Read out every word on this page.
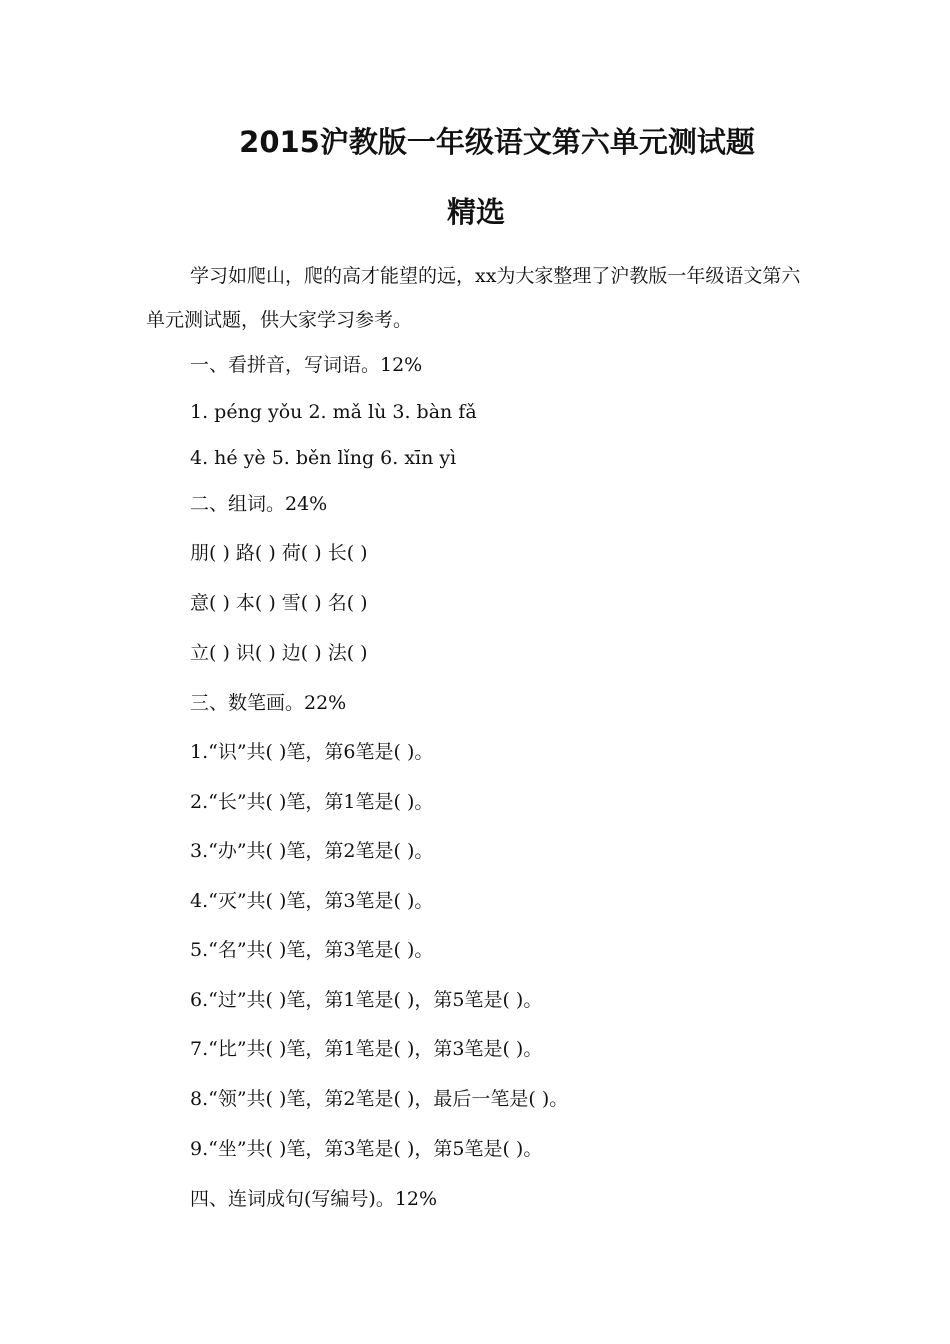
2015沪教版一年级语文第六单元测试题
精选

学习如爬山，爬的高才能望的远，xx为大家整理了沪教版一年级语文第六单元测试题，供大家学习参考。

一、看拼音，写词语。12%

1. péng yǒu 2. mǎ lù 3. bàn fǎ

4. hé yè 5. běn lǐng 6. xīn yì

二、组词。24%

朋( ) 路( ) 荷( ) 长( )

意( ) 本( ) 雪( ) 名( )

立( ) 识( ) 边( ) 法( )

三、数笔画。22%

1.“识”共( )笔，第6笔是( )。

2.“长”共( )笔，第1笔是( )。

3.“办”共( )笔，第2笔是( )。

4.“灭”共( )笔，第3笔是( )。

5.“名”共( )笔，第3笔是( )。

6.“过”共( )笔，第1笔是( )，第5笔是( )。

7.“比”共( )笔，第1笔是( )，第3笔是( )。

8.“领”共( )笔，第2笔是( )，最后一笔是( )。

9.“坐”共( )笔，第3笔是( )，第5笔是( )。

四、连词成句(写编号)。12%
